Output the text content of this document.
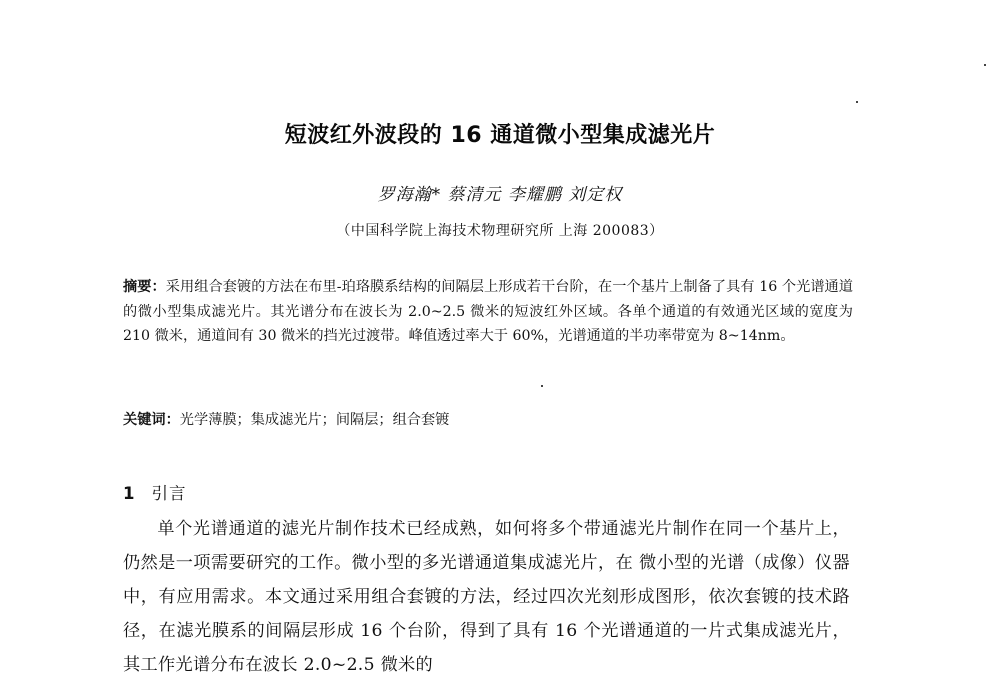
短波红外波段的 16 通道微小型集成滤光片
罗海瀚* 蔡清元 李耀鹏 刘定权
（中国科学院上海技术物理研究所 上海 200083）
摘要：采用组合套镀的方法在布里-珀珞膜系结构的间隔层上形成若干台阶，在一个基片上制备了具有 16 个光谱通道的微小型集成滤光片。其光谱分布在波长为 2.0~2.5 微米的短波红外区域。各单个通道的有效通光区域的宽度为 210 微米，通道间有 30 微米的挡光过渡带。峰值透过率大于 60%，光谱通道的半功率带宽为 8~14nm。
关键词：光学薄膜；集成滤光片；间隔层；组合套镀
1 引言
单个光谱通道的滤光片制作技术已经成熟，如何将多个带通滤光片制作在同一个基片上，仍然是一项需要研究的工作。微小型的多光谱通道集成滤光片，在 微小型的光谱（成像）仪器中，有应用需求。本文通过采用组合套镀的方法，经过四次光刻形成图形，依次套镀的技术路径，在滤光膜系的间隔层形成 16 个台阶，得到了具有 16 个光谱通道的一片式集成滤光片，其工作光谱分布在波长 2.0~2.5 微米的
